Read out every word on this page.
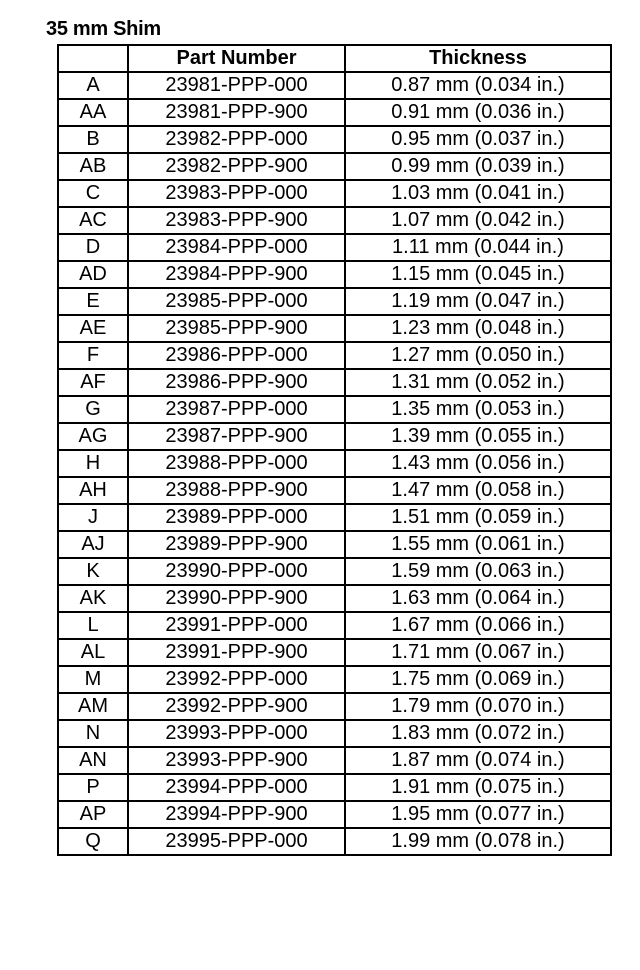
35 mm Shim
	Part Number	Thickness
A	23981-PPP-000	0.87 mm (0.034 in.)
AA	23981-PPP-900	0.91 mm (0.036 in.)
B	23982-PPP-000	0.95 mm (0.037 in.)
AB	23982-PPP-900	0.99 mm (0.039 in.)
C	23983-PPP-000	1.03 mm (0.041 in.)
AC	23983-PPP-900	1.07 mm (0.042 in.)
D	23984-PPP-000	1.11 mm (0.044 in.)
AD	23984-PPP-900	1.15 mm (0.045 in.)
E	23985-PPP-000	1.19 mm (0.047 in.)
AE	23985-PPP-900	1.23 mm (0.048 in.)
F	23986-PPP-000	1.27 mm (0.050 in.)
AF	23986-PPP-900	1.31 mm (0.052 in.)
G	23987-PPP-000	1.35 mm (0.053 in.)
AG	23987-PPP-900	1.39 mm (0.055 in.)
H	23988-PPP-000	1.43 mm (0.056 in.)
AH	23988-PPP-900	1.47 mm (0.058 in.)
J	23989-PPP-000	1.51 mm (0.059 in.)
AJ	23989-PPP-900	1.55 mm (0.061 in.)
K	23990-PPP-000	1.59 mm (0.063 in.)
AK	23990-PPP-900	1.63 mm (0.064 in.)
L	23991-PPP-000	1.67 mm (0.066 in.)
AL	23991-PPP-900	1.71 mm (0.067 in.)
M	23992-PPP-000	1.75 mm (0.069 in.)
AM	23992-PPP-900	1.79 mm (0.070 in.)
N	23993-PPP-000	1.83 mm (0.072 in.)
AN	23993-PPP-900	1.87 mm (0.074 in.)
P	23994-PPP-000	1.91 mm (0.075 in.)
AP	23994-PPP-900	1.95 mm (0.077 in.)
Q	23995-PPP-000	1.99 mm (0.078 in.)
